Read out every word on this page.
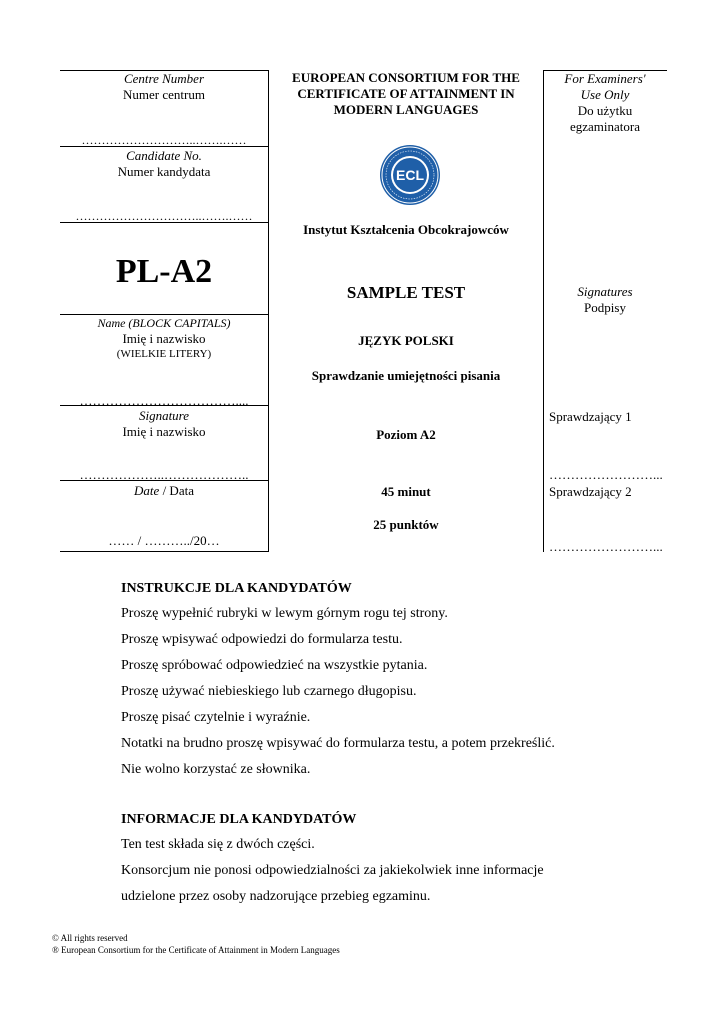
Centre Number
Numer centrum
………………………..…….……
Candidate No.
Numer kandydata
…………………………..…….……
PL-A2
Name (BLOCK CAPITALS)
Imię i nazwisko
(WIELKIE LITERY)
………………………………....
Signature
Imię i nazwisko
………………..………………..
Date / Data
…… / ………../20…
EUROPEAN CONSORTIUM FOR THE
CERTIFICATE OF ATTAINMENT IN
MODERN LANGUAGES
ECL
Instytut Kształcenia Obcokrajowców
SAMPLE TEST
JĘZYK POLSKI
Sprawdzanie umiejętności pisania
Poziom A2
45 minut
25 punktów
For Examiners'
Use Only
Do użytku
egzaminatora
Signatures
Podpisy
Sprawdzający 1
……………………...
Sprawdzający 2
……………………...
INSTRUKCJE DLA KANDYDATÓW
Proszę wypełnić rubryki w lewym górnym rogu tej strony.
Proszę wpisywać odpowiedzi do formularza testu.
Proszę spróbować odpowiedzieć na wszystkie pytania.
Proszę używać niebieskiego lub czarnego długopisu.
Proszę pisać czytelnie i wyraźnie.
Notatki na brudno proszę wpisywać do formularza testu, a potem przekreślić.
Nie wolno korzystać ze słownika.
INFORMACJE DLA KANDYDATÓW
Ten test składa się z dwóch części.
Konsorcjum nie ponosi odpowiedzialności za jakiekolwiek inne informacje
udzielone przez osoby nadzorujące przebieg egzaminu.
© All rights reserved
® European Consortium for the Certificate of Attainment in Modern Languages
